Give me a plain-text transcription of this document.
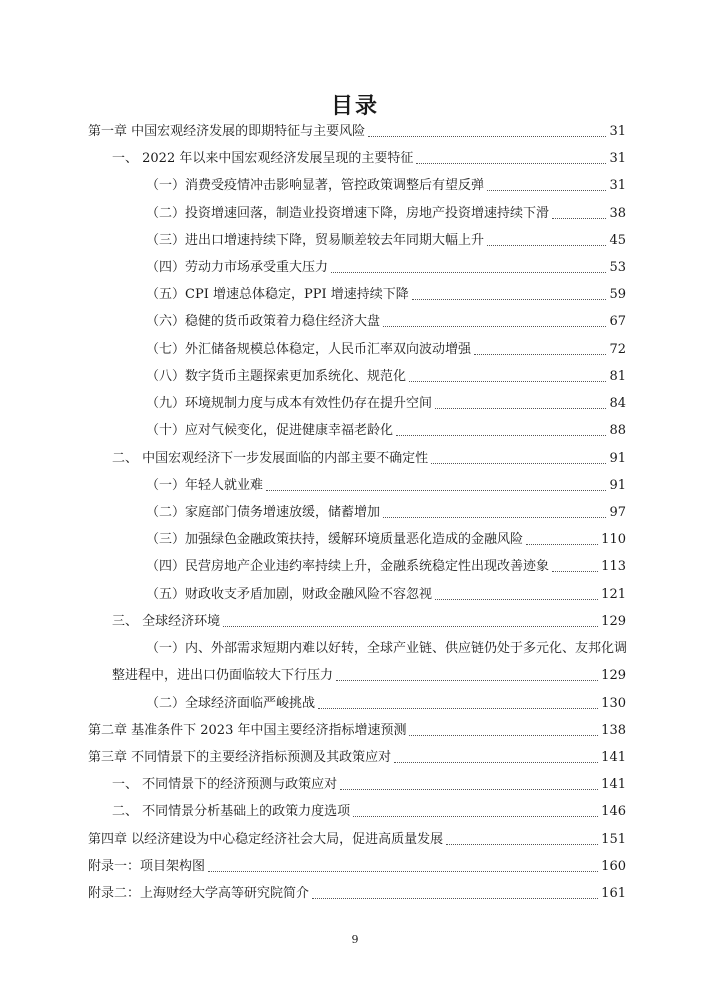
目录
第一章 中国宏观经济发展的即期特征与主要风险	31
一、 2022 年以来中国宏观经济发展呈现的主要特征	31
（一）消费受疫情冲击影响显著，管控政策调整后有望反弹	31
（二）投资增速回落，制造业投资增速下降，房地产投资增速持续下滑	38
（三）进出口增速持续下降，贸易顺差较去年同期大幅上升	45
（四）劳动力市场承受重大压力	53
（五）CPI 增速总体稳定，PPI 增速持续下降	59
（六）稳健的货币政策着力稳住经济大盘	67
（七）外汇储备规模总体稳定，人民币汇率双向波动增强	72
（八）数字货币主题探索更加系统化、规范化	81
（九）环境规制力度与成本有效性仍存在提升空间	84
（十）应对气候变化，促进健康幸福老龄化	88
二、 中国宏观经济下一步发展面临的内部主要不确定性	91
（一）年轻人就业难	91
（二）家庭部门债务增速放缓，储蓄增加	97
（三）加强绿色金融政策扶持，缓解环境质量恶化造成的金融风险	110
（四）民营房地产企业违约率持续上升，金融系统稳定性出现改善迹象	113
（五）财政收支矛盾加剧，财政金融风险不容忽视	121
三、 全球经济环境	129
（一）内、外部需求短期内难以好转，全球产业链、供应链仍处于多元化、友邦化调
整进程中，进出口仍面临较大下行压力	129
（二）全球经济面临严峻挑战	130
第二章 基准条件下 2023 年中国主要经济指标增速预测	138
第三章 不同情景下的主要经济指标预测及其政策应对	141
一、 不同情景下的经济预测与政策应对	141
二、 不同情景分析基础上的政策力度选项	146
第四章 以经济建设为中心稳定经济社会大局，促进高质量发展	151
附录一：项目架构图	160
附录二：上海财经大学高等研究院简介	161
9
